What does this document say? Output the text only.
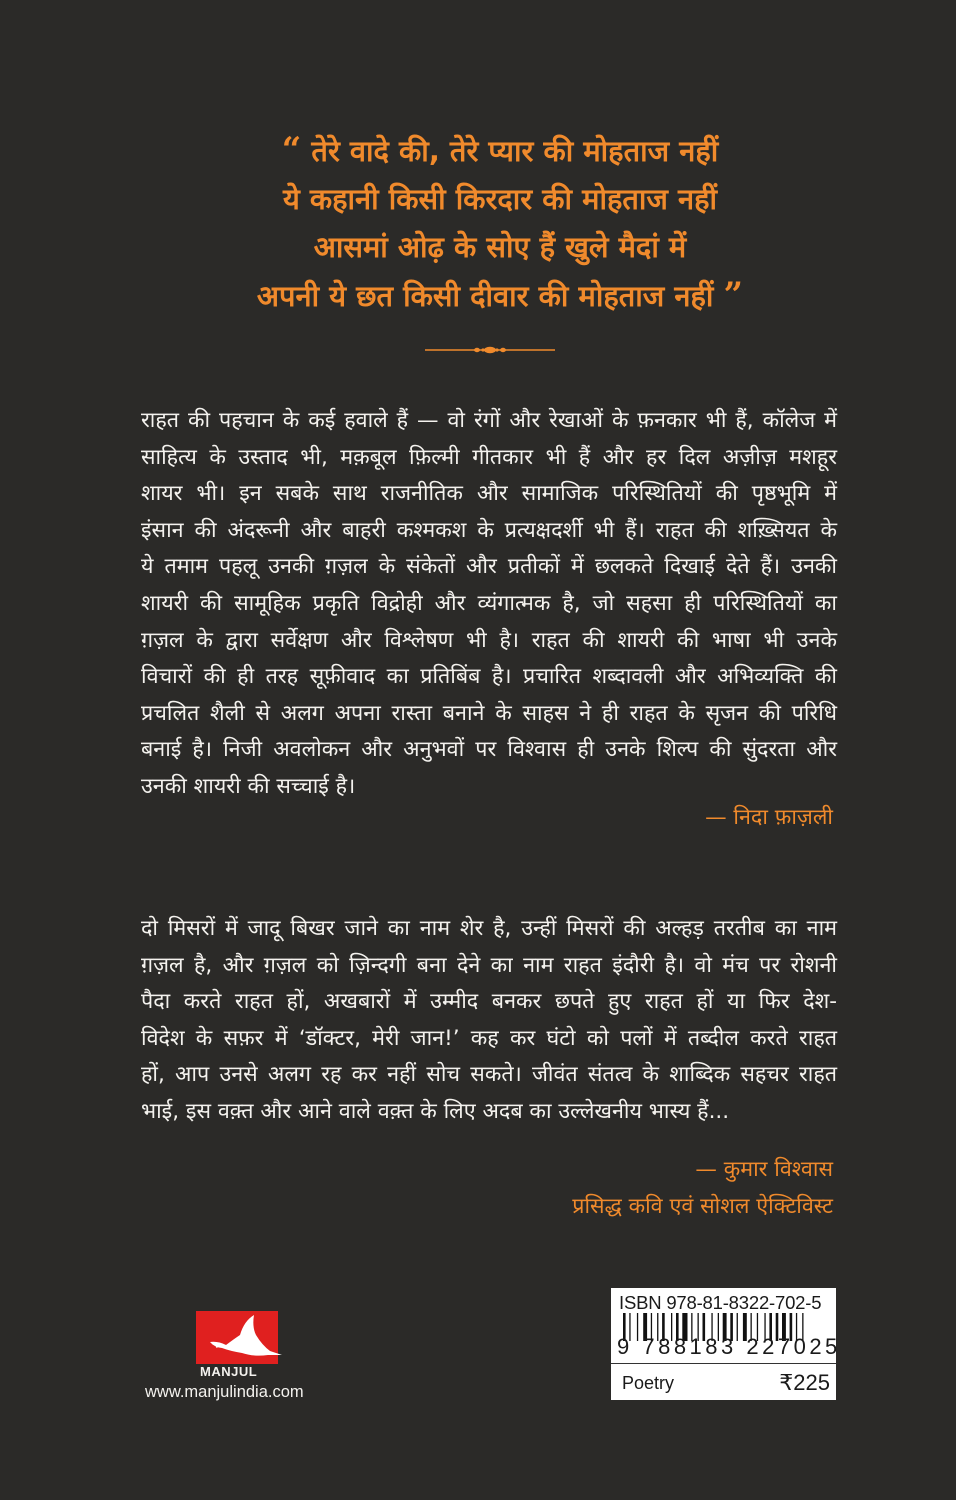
“ तेरे वादे की, तेरे प्यार की मोहताज नहीं
ये कहानी किसी किरदार की मोहताज नहीं
आसमां ओढ़ के सोए हैं खुले मैदां में
अपनी ये छत किसी दीवार की मोहताज नहीं ”
राहत की पहचान के कई हवाले हैं — वो रंगों और रेखाओं के फ़नकार भी हैं, कॉलेज में
साहित्य के उस्ताद भी, मक़बूल फ़िल्मी गीतकार भी हैं और हर दिल अज़ीज़ मशहूर
शायर भी। इन सबके साथ राजनीतिक और सामाजिक परिस्थितियों की पृष्ठभूमि में
इंसान की अंदरूनी और बाहरी कश्मकश के प्रत्यक्षदर्शी भी हैं। राहत की शख़्सियत के
ये तमाम पहलू उनकी ग़ज़ल के संकेतों और प्रतीकों में छलकते दिखाई देते हैं। उनकी
शायरी की सामूहिक प्रकृति विद्रोही और व्यंगात्मक है, जो सहसा ही परिस्थितियों का
ग़ज़ल के द्वारा सर्वेक्षण और विश्लेषण भी है। राहत की शायरी की भाषा भी उनके
विचारों की ही तरह सूफ़ीवाद का प्रतिबिंब है। प्रचारित शब्दावली और अभिव्यक्ति की
प्रचलित शैली से अलग अपना रास्ता बनाने के साहस ने ही राहत के सृजन की परिधि
बनाई है। निजी अवलोकन और अनुभवों पर विश्वास ही उनके शिल्प की सुंदरता और
उनकी शायरी की सच्चाई है।
— निदा फ़ाज़ली
दो मिसरों में जादू बिखर जाने का नाम शेर है, उन्हीं मिसरों की अल्हड़ तरतीब का नाम
ग़ज़ल है, और ग़ज़ल को ज़िन्दगी बना देने का नाम राहत इंदौरी है। वो मंच पर रोशनी
पैदा करते राहत हों, अखबारों में उम्मीद बनकर छपते हुए राहत हों या फिर देश-
विदेश के सफ़र में ‘डॉक्टर, मेरी जान!’ कह कर घंटो को पलों में तब्दील करते राहत
हों, आप उनसे अलग रह कर नहीं सोच सकते। जीवंत संतत्व के शाब्दिक सहचर राहत
भाई, इस वक़्त और आने वाले वक़्त के लिए अदब का उल्लेखनीय भास्य हैं...
— कुमार विश्वास
प्रसिद्ध कवि एवं सोशल ऐक्टिविस्ट
MANJUL
www.manjulindia.com
ISBN 978-81-8322-702-5
9 788183 227025
Poetry	₹225
